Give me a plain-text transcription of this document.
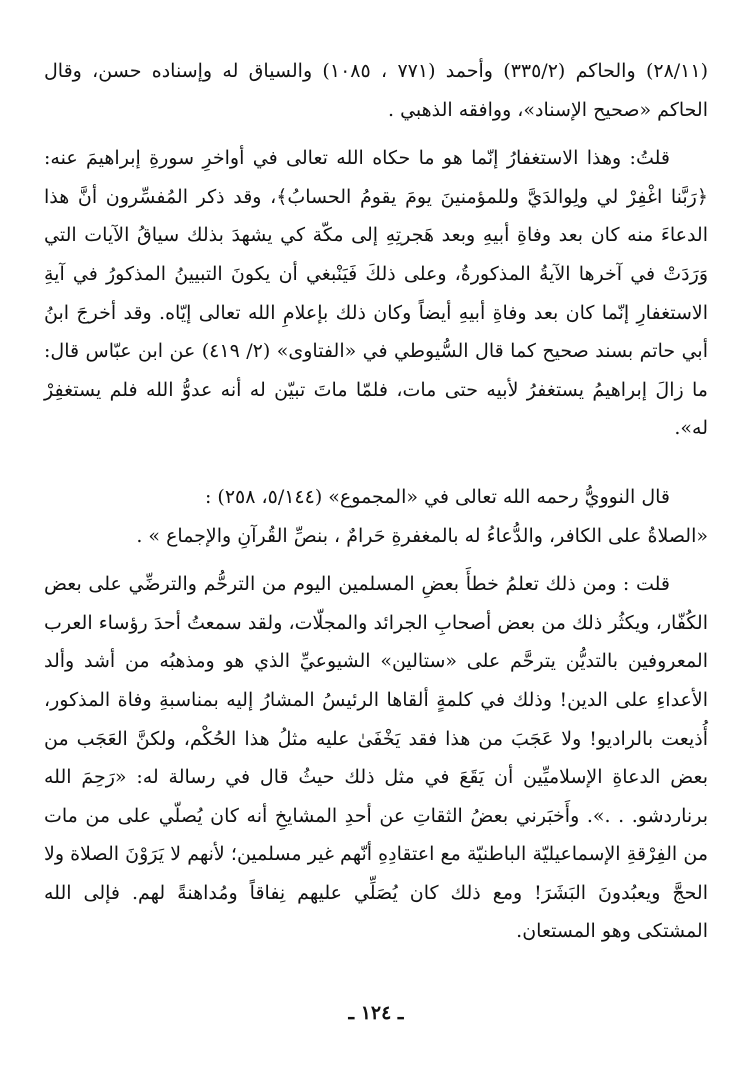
(٢٨/١١) والحاكم (٣٣٥/٢) وأحمد (٧٧١ ، ١٠٨٥) والسياق له وإسناده حسن، وقال الحاكم «صحيح الإسناد»، ووافقه الذهبي .

قلتُ: وهذا الاستغفارُ إنّما هو ما حكاه الله تعالى في أواخرِ سورةِ إبراهيمَ عنه: ﴿رَبَّنا اغْفِرْ لي ولِوالدَيَّ وللمؤمنينَ يومَ يقومُ الحسابُ﴾، وقد ذكر المُفسِّرون أنَّ هذا الدعاءَ منه كان بعد وفاةِ أبيهِ وبعد هَجرتِهِ إلى مكّة كي يشهدَ بذلك سياقُ الآيات التي وَرَدَتْ في آخرها الآيةُ المذكورةُ، وعلى ذلكَ فَيَنْبغي أن يكونَ التبيينُ المذكورُ في آيةِ الاستغفارِ إنّما كان بعد وفاةِ أبيهِ أيضاً وكان ذلك بإعلامِ الله تعالى إيّاه. وقد أخرجَ ابنُ أبي حاتم بسند صحيح كما قال السُّيوطي في «الفتاوى» (٢/ ٤١٩) عن ابن عبّاس قال: ما زالَ إبراهيمُ يستغفرُ لأبيه حتى مات، فلمّا ماتَ تبيّن له أنه عدوُّ الله فلم يستغفِرْ له».

قال النوويُّ رحمه الله تعالى في «المجموع» (٥/١٤٤، ٢٥٨) :

«الصلاةُ على الكافر، والدُّعاءُ له بالمغفرةِ حَرامٌ ، بنصِّ القُرآنِ والإجماع » .

قلت : ومن ذلك تعلمُ خطأَ بعضِ المسلمين اليوم من الترحُّم والترضِّي على بعض الكُفّار، ويكثُر ذلك من بعض أصحابِ الجرائد والمجلّات، ولقد سمعتُ أحدَ رؤساء العرب المعروفين بالتديُّن يترحَّم على «ستالين» الشيوعيِّ الذي هو ومذهبُه من أشد وألد الأعداءِ على الدين! وذلك في كلمةٍ ألقاها الرئيسُ المشارُ إليه بمناسبةِ وفاة المذكور، أُذيعت بالراديو! ولا عَجَبَ من هذا فقد يَخْفَىٰ عليه مثلُ هذا الحُكْم، ولكنَّ العَجَب من بعض الدعاةِ الإسلاميِّين أن يَقَعَ في مثل ذلك حيثُ قال في رسالة له: «رَحِمَ الله برناردشو. . .». وأَخبَرني بعضُ الثقاتِ عن أحدِ المشايخِ أنه كان يُصلّي على من مات من الفِرْقةِ الإسماعيليّة الباطنيّة مع اعتقادِهِ أنّهم غير مسلمين؛ لأنهم لا يَرَوْنَ الصلاة ولا الحجَّ ويعبُدونَ البَشَرَ! ومع ذلك كان يُصَلِّي عليهم نِفاقاً ومُداهنةً لهم. فإلى الله المشتكى وهو المستعان.

ـ ١٢٤ ـ
